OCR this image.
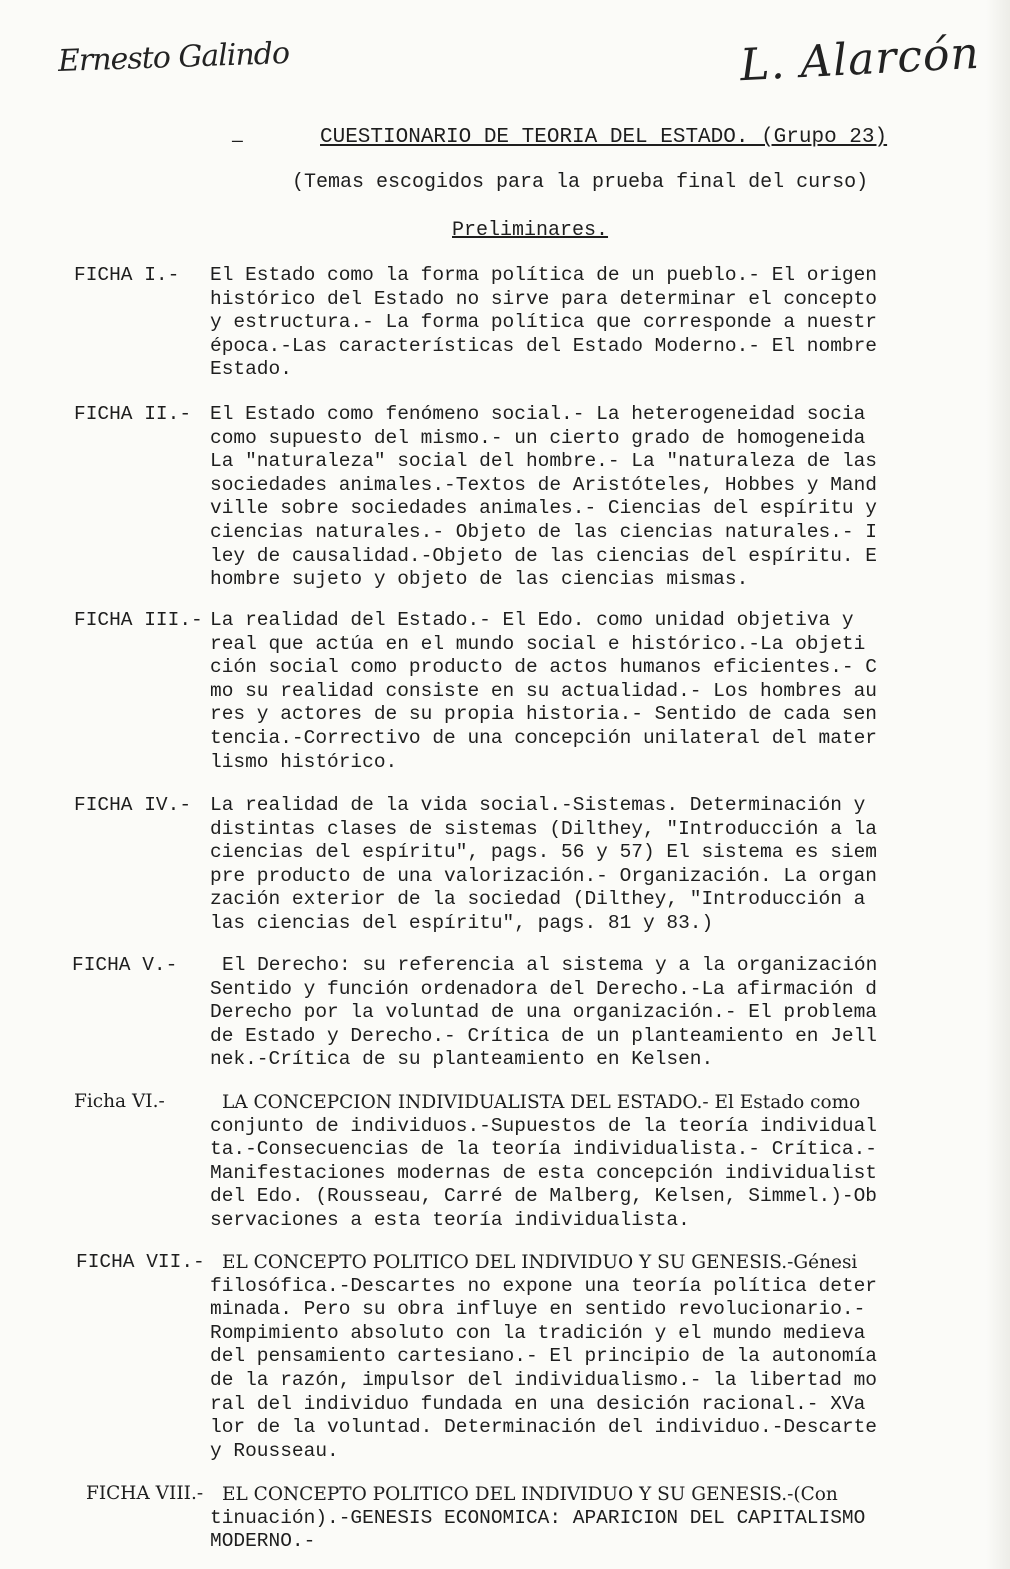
Ernesto Galindo	L. Alarcón
—	CUESTIONARIO DE TEORIA DEL ESTADO. (Grupo 23)
(Temas escogidos para la prueba final del curso)
Preliminares.
FICHA I.- El Estado como la forma política de un pueblo.- El origen
histórico del Estado no sirve para determinar el concepto
y estructura.- La forma política que corresponde a nuestr
época.-Las características del Estado Moderno.- El nombre
Estado.
FICHA II.- El Estado como fenómeno social.- La heterogeneidad socia
como supuesto del mismo.- un cierto grado de homogeneida
La "naturaleza" social del hombre.- La "naturaleza de las
sociedades animales.-Textos de Aristóteles, Hobbes y Mand
ville sobre sociedades animales.- Ciencias del espíritu y
ciencias naturales.- Objeto de las ciencias naturales.- I
ley de causalidad.-Objeto de las ciencias del espíritu. E
hombre sujeto y objeto de las ciencias mismas.
FICHA III.- La realidad del Estado.- El Edo. como unidad objetiva y
real que actúa en el mundo social e histórico.-La objeti
ción social como producto de actos humanos eficientes.- C
mo su realidad consiste en su actualidad.- Los hombres au
res y actores de su propia historia.- Sentido de cada sen
tencia.-Correctivo de una concepción unilateral del mater
lismo histórico.
FICHA IV.- La realidad de la vida social.-Sistemas. Determinación y
distintas clases de sistemas (Dilthey, "Introducción a la
ciencias del espíritu", pags. 56 y 57) El sistema es siem
pre producto de una valorización.- Organización. La organ
zación exterior de la sociedad (Dilthey, "Introducción a
las ciencias del espíritu", pags. 81 y 83.)
FICHA V.- El Derecho: su referencia al sistema y a la organización
Sentido y función ordenadora del Derecho.-La afirmación d
Derecho por la voluntad de una organización.- El problema
de Estado y Derecho.- Crítica de un planteamiento en Jell
nek.-Crítica de su planteamiento en Kelsen.
Ficha VI.-	LA CONCEPCION INDIVIDUALISTA DEL ESTADO.- El Estado como
conjunto de individuos.-Supuestos de la teoría individual
ta.-Consecuencias de la teoría individualista.- Crítica.-
Manifestaciones modernas de esta concepción individualist
del Edo. (Rousseau, Carré de Malberg, Kelsen, Simmel.)-Ob
servaciones a esta teoría individualista.
FICHA VII.- EL CONCEPTO POLITICO DEL INDIVIDUO Y SU GENESIS.-Génesi
filosófica.-Descartes no expone una teoría política deter
minada. Pero su obra influye en sentido revolucionario.-
Rompimiento absoluto con la tradición y el mundo medieva
del pensamiento cartesiano.- El principio de la autonomía
de la razón, impulsor del individualismo.- la libertad mo
ral del individuo fundada en una desición racional.- XVa
lor de la voluntad. Determinación del individuo.-Descarte
y Rousseau.
FICHA VIII.- EL CONCEPTO POLITICO DEL INDIVIDUO Y SU GENESIS.-(Con
tinuación).-GENESIS ECONOMICA: APARICION DEL CAPITALISMO
MODERNO.-
